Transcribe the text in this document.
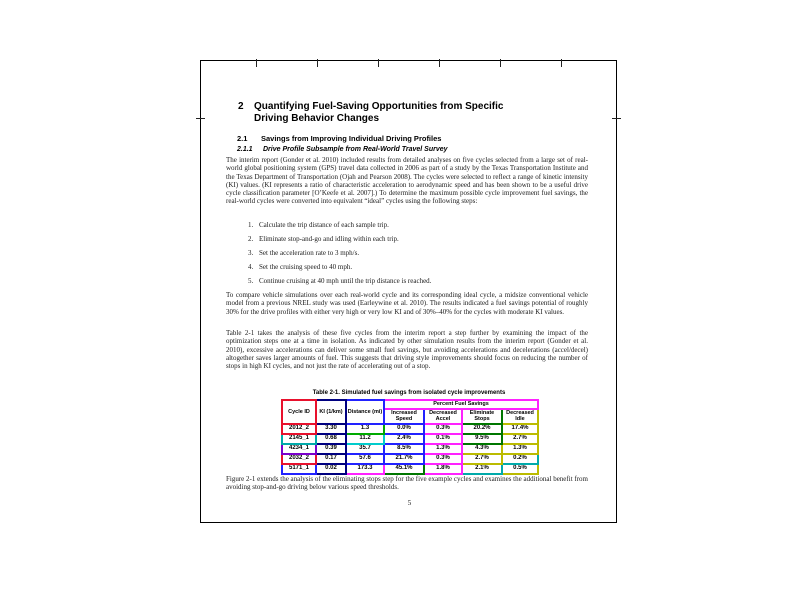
2	Quantifying Fuel-Saving Opportunities from Specific Driving Behavior Changes
2.1	Savings from Improving Individual Driving Profiles
2.1.1	Drive Profile Subsample from Real-World Travel Survey
The interim report (Gonder et al. 2010) included results from detailed analyses on five cycles selected from a large set of real-world global positioning system (GPS) travel data collected in 2006 as part of a study by the Texas Transportation Institute and the Texas Department of Transportation (Ojah and Pearson 2008). The cycles were selected to reflect a range of kinetic intensity (KI) values. (KI represents a ratio of characteristic acceleration to aerodynamic speed and has been shown to be a useful drive cycle classification parameter [O’Keefe et al. 2007].) To determine the maximum possible cycle improvement fuel savings, the real-world cycles were converted into equivalent “ideal” cycles using the following steps:
1. Calculate the trip distance of each sample trip.
2. Eliminate stop-and-go and idling within each trip.
3. Set the acceleration rate to 3 mph/s.
4. Set the cruising speed to 40 mph.
5. Continue cruising at 40 mph until the trip distance is reached.
To compare vehicle simulations over each real-world cycle and its corresponding ideal cycle, a midsize conventional vehicle model from a previous NREL study was used (Earleywine et al. 2010). The results indicated a fuel savings potential of roughly 30% for the drive profiles with either very high or very low KI and of 30%–40% for the cycles with moderate KI values.
Table 2-1 takes the analysis of these five cycles from the interim report a step further by examining the impact of the optimization steps one at a time in isolation. As indicated by other simulation results from the interim report (Gonder et al. 2010), excessive accelerations can deliver some small fuel savings, but avoiding accelerations and decelerations (accel/decel) altogether saves larger amounts of fuel. This suggests that driving style improvements should focus on reducing the number of stops in high KI cycles, and not just the rate of accelerating out of a stop.
Table 2-1. Simulated fuel savings from isolated cycle improvements
Cycle ID	KI (1/km)	Distance (mi)	Percent Fuel Savings			
			Increased Speed	Decreased Accel	Eliminate Stops	Decreased Idle
2012_2	3.30	1.3	0.0%	0.3%	20.2%	17.4%
2145_1	0.68	11.2	2.4%	0.1%	9.5%	2.7%
4234_1	0.39	35.7	8.5%	1.3%	4.3%	1.3%
2032_2	0.17	57.6	21.7%	0.3%	2.7%	0.2%
5171_1	0.02	173.3	45.1%	1.8%	2.1%	0.5%
Figure 2-1 extends the analysis of the eliminating stops step for the five example cycles and examines the additional benefit from avoiding stop-and-go driving below various speed thresholds.
5
